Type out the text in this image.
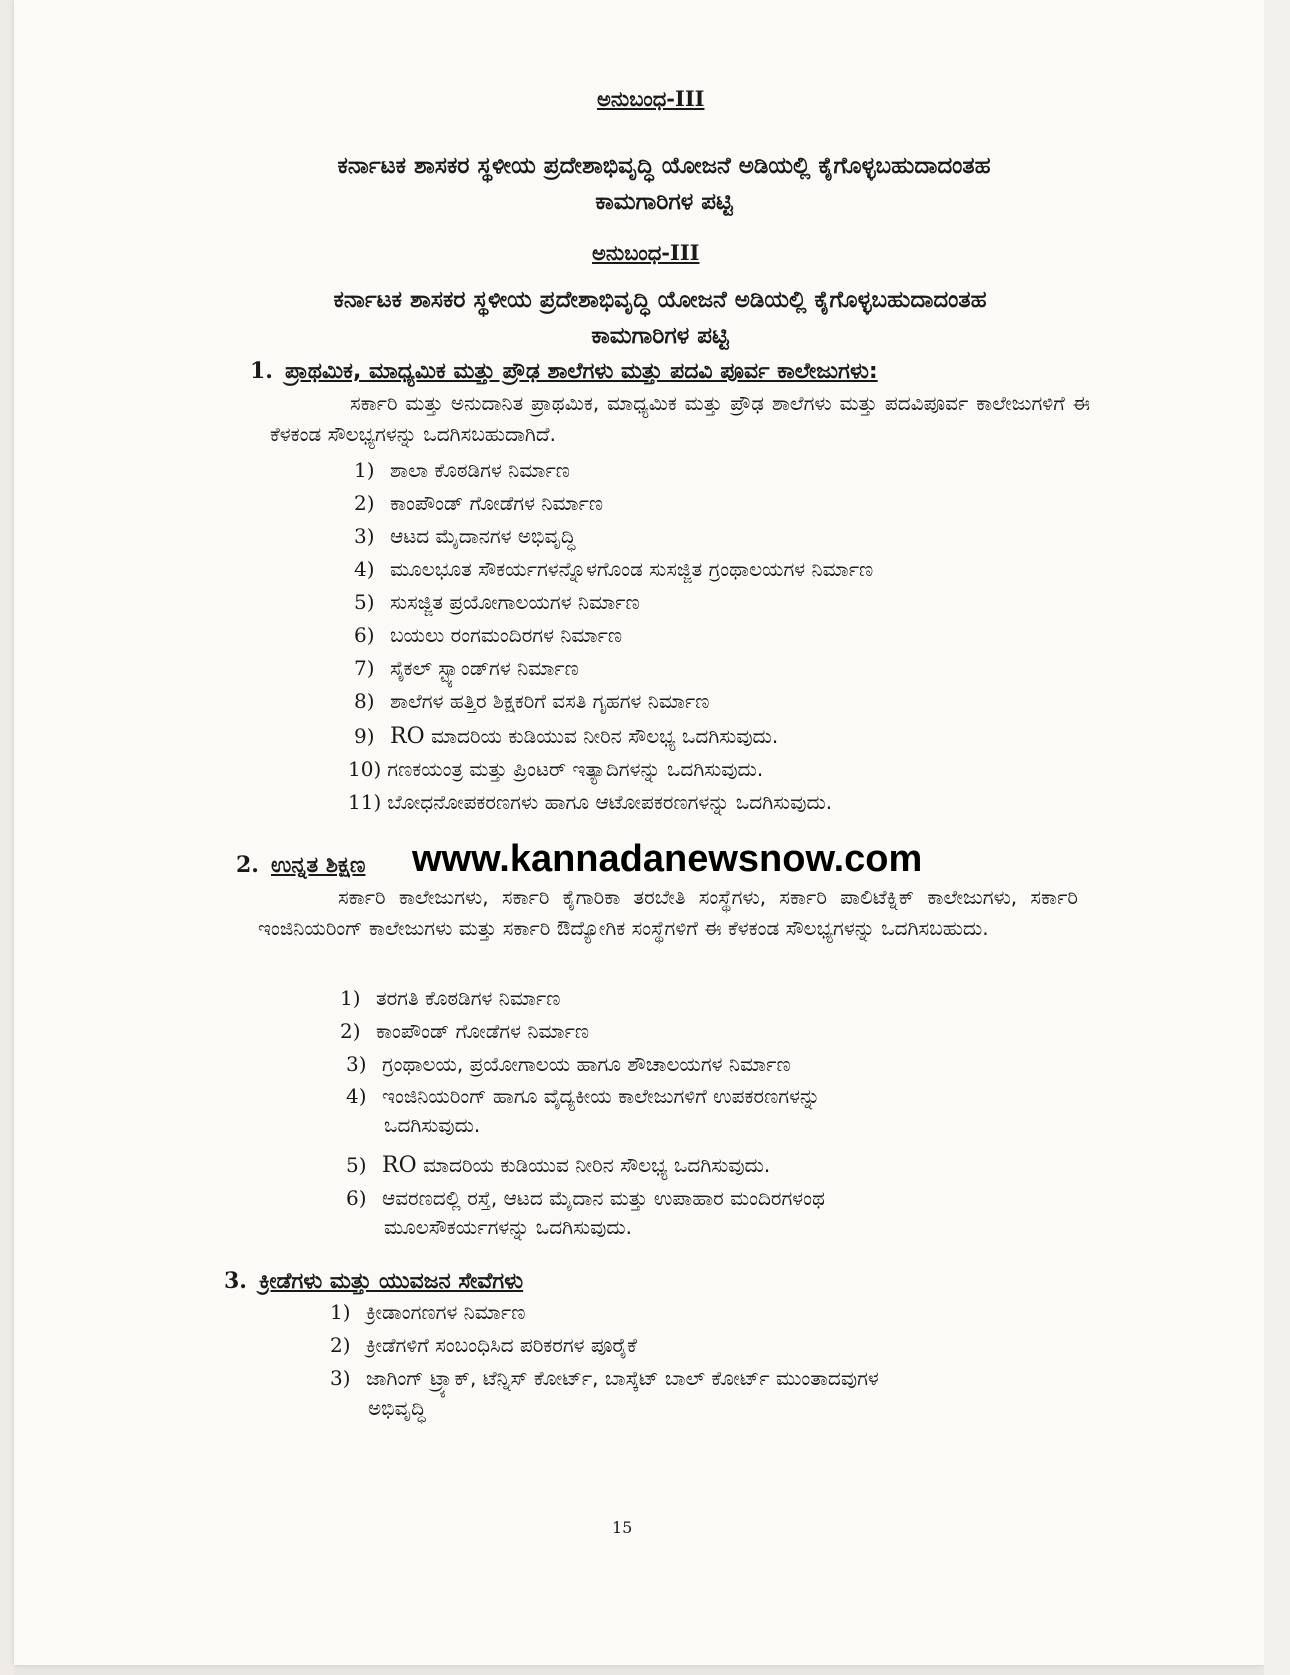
ಅನುಬಂಧ-III
ಕರ್ನಾಟಕ ಶಾಸಕರ ಸ್ಥಳೀಯ ಪ್ರದೇಶಾಭಿವೃದ್ಧಿ ಯೋಜನೆ ಅಡಿಯಲ್ಲಿ ಕೈಗೊಳ್ಳಬಹುದಾದಂತಹ
ಕಾಮಗಾರಿಗಳ ಪಟ್ಟಿ
ಅನುಬಂಧ-III
ಕರ್ನಾಟಕ ಶಾಸಕರ ಸ್ಥಳೀಯ ಪ್ರದೇಶಾಭಿವೃದ್ಧಿ ಯೋಜನೆ ಅಡಿಯಲ್ಲಿ ಕೈಗೊಳ್ಳಬಹುದಾದಂತಹ
ಕಾಮಗಾರಿಗಳ ಪಟ್ಟಿ
1. ಪ್ರಾಥಮಿಕ, ಮಾಧ್ಯಮಿಕ ಮತ್ತು ಪ್ರೌಢ ಶಾಲೆಗಳು ಮತ್ತು ಪದವಿ ಪೂರ್ವ ಕಾಲೇಜುಗಳು:
ಸರ್ಕಾರಿ ಮತ್ತು ಅನುದಾನಿತ ಪ್ರಾಥಮಿಕ, ಮಾಧ್ಯಮಿಕ ಮತ್ತು ಪ್ರೌಢ ಶಾಲೆಗಳು ಮತ್ತು ಪದವಿಪೂರ್ವ ಕಾಲೇಜುಗಳಿಗೆ ಈ ಕೆಳಕಂಡ ಸೌಲಭ್ಯಗಳನ್ನು ಒದಗಿಸಬಹುದಾಗಿದೆ.
1) ಶಾಲಾ ಕೊಠಡಿಗಳ ನಿರ್ಮಾಣ
2) ಕಾಂಪೌಂಡ್ ಗೋಡೆಗಳ ನಿರ್ಮಾಣ
3) ಆಟದ ಮೈದಾನಗಳ ಅಭಿವೃದ್ಧಿ
4) ಮೂಲಭೂತ ಸೌಕರ್ಯಗಳನ್ನೊಳಗೊಂಡ ಸುಸಜ್ಜಿತ ಗ್ರಂಥಾಲಯಗಳ ನಿರ್ಮಾಣ
5) ಸುಸಜ್ಜಿತ ಪ್ರಯೋಗಾಲಯಗಳ ನಿರ್ಮಾಣ
6) ಬಯಲು ರಂಗಮಂದಿರಗಳ ನಿರ್ಮಾಣ
7) ಸೈಕಲ್ ಸ್ಟ್ಯಾಂಡ್‌ಗಳ ನಿರ್ಮಾಣ
8) ಶಾಲೆಗಳ ಹತ್ತಿರ ಶಿಕ್ಷಕರಿಗೆ ವಸತಿ ಗೃಹಗಳ ನಿರ್ಮಾಣ
9) RO ಮಾದರಿಯ ಕುಡಿಯುವ ನೀರಿನ ಸೌಲಭ್ಯ ಒದಗಿಸುವುದು.
10) ಗಣಕಯಂತ್ರ ಮತ್ತು ಪ್ರಿಂಟರ್ ಇತ್ಯಾದಿಗಳನ್ನು ಒದಗಿಸುವುದು.
11) ಬೋಧನೋಪಕರಣಗಳು ಹಾಗೂ ಆಟೋಪಕರಣಗಳನ್ನು ಒದಗಿಸುವುದು.
2. ಉನ್ನತ ಶಿಕ್ಷಣ www.kannadanewsnow.com
ಸರ್ಕಾರಿ ಕಾಲೇಜುಗಳು, ಸರ್ಕಾರಿ ಕೈಗಾರಿಕಾ ತರಬೇತಿ ಸಂಸ್ಥೆಗಳು, ಸರ್ಕಾರಿ ಪಾಲಿಟೆಕ್ನಿಕ್ ಕಾಲೇಜುಗಳು, ಸರ್ಕಾರಿ ಇಂಜಿನಿಯರಿಂಗ್ ಕಾಲೇಜುಗಳು ಮತ್ತು ಸರ್ಕಾರಿ ಔದ್ಯೋಗಿಕ ಸಂಸ್ಥೆಗಳಿಗೆ ಈ ಕೆಳಕಂಡ ಸೌಲಭ್ಯಗಳನ್ನು ಒದಗಿಸಬಹುದು.
1) ತರಗತಿ ಕೊಠಡಿಗಳ ನಿರ್ಮಾಣ
2) ಕಾಂಪೌಂಡ್ ಗೋಡೆಗಳ ನಿರ್ಮಾಣ
3) ಗ್ರಂಥಾಲಯ, ಪ್ರಯೋಗಾಲಯ ಹಾಗೂ ಶೌಚಾಲಯಗಳ ನಿರ್ಮಾಣ
4) ಇಂಜಿನಿಯರಿಂಗ್ ಹಾಗೂ ವೈದ್ಯಕೀಯ ಕಾಲೇಜುಗಳಿಗೆ ಉಪಕರಣಗಳನ್ನು
ಒದಗಿಸುವುದು.
5) RO ಮಾದರಿಯ ಕುಡಿಯುವ ನೀರಿನ ಸೌಲಭ್ಯ ಒದಗಿಸುವುದು.
6) ಆವರಣದಲ್ಲಿ ರಸ್ತೆ, ಆಟದ ಮೈದಾನ ಮತ್ತು ಉಪಾಹಾರ ಮಂದಿರಗಳಂಥ
ಮೂಲಸೌಕರ್ಯಗಳನ್ನು ಒದಗಿಸುವುದು.
3. ಕ್ರೀಡೆಗಳು ಮತ್ತು ಯುವಜನ ಸೇವೆಗಳು
1) ಕ್ರೀಡಾಂಗಣಗಳ ನಿರ್ಮಾಣ
2) ಕ್ರೀಡೆಗಳಿಗೆ ಸಂಬಂಧಿಸಿದ ಪರಿಕರಗಳ ಪೂರೈಕೆ
3) ಜಾಗಿಂಗ್ ಟ್ರ್ಯಾಕ್, ಟೆನ್ನಿಸ್ ಕೋರ್ಟ್, ಬಾಸ್ಕೆಟ್ ಬಾಲ್ ಕೋರ್ಟ್ ಮುಂತಾದವುಗಳ
ಅಭಿವೃದ್ಧಿ
15
